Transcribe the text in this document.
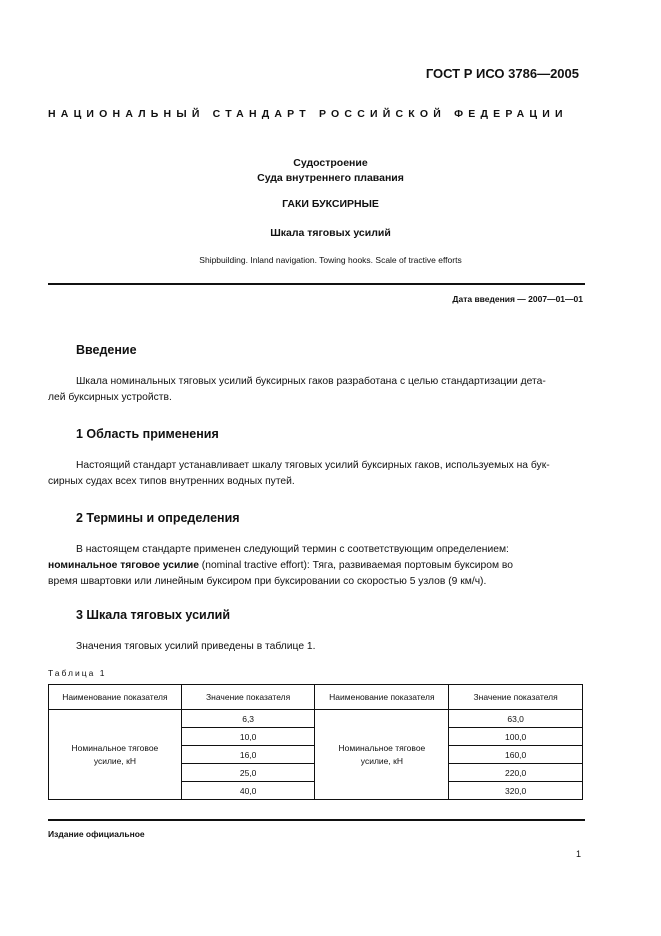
ГОСТ Р ИСО 3786—2005
НАЦИОНАЛЬНЫЙ СТАНДАРТ РОССИЙСКОЙ ФЕДЕРАЦИИ
Судостроение
Суда внутреннего плавания
ГАКИ БУКСИРНЫЕ
Шкала тяговых усилий
Shipbuilding. Inland navigation. Towing hooks. Scale of tractive efforts
Дата введения — 2007—01—01
Введение
Шкала номинальных тяговых усилий буксирных гаков разработана с целью стандартизации дета-
лей буксирных устройств.
1 Область применения
Настоящий стандарт устанавливает шкалу тяговых усилий буксирных гаков, используемых на бук-
сирных судах всех типов внутренних водных путей.
2 Термины и определения
В настоящем стандарте применен следующий термин с соответствующим определением:
номинальное тяговое усилие (nominal tractive effort): Тяга, развиваемая портовым буксиром во
время швартовки или линейным буксиром при буксировании со скоростью 5 узлов (9 км/ч).
3 Шкала тяговых усилий
Значения тяговых усилий приведены в таблице 1.
Таблица 1
Наименование показателя	Значение показателя	Наименование показателя	Значение показателя
Номинальное тяговое усилие, кН	6,3	Номинальное тяговое усилие, кН	63,0
	10,0		100,0
	16,0		160,0
	25,0		220,0
	40,0		320,0
Издание официальное
1
